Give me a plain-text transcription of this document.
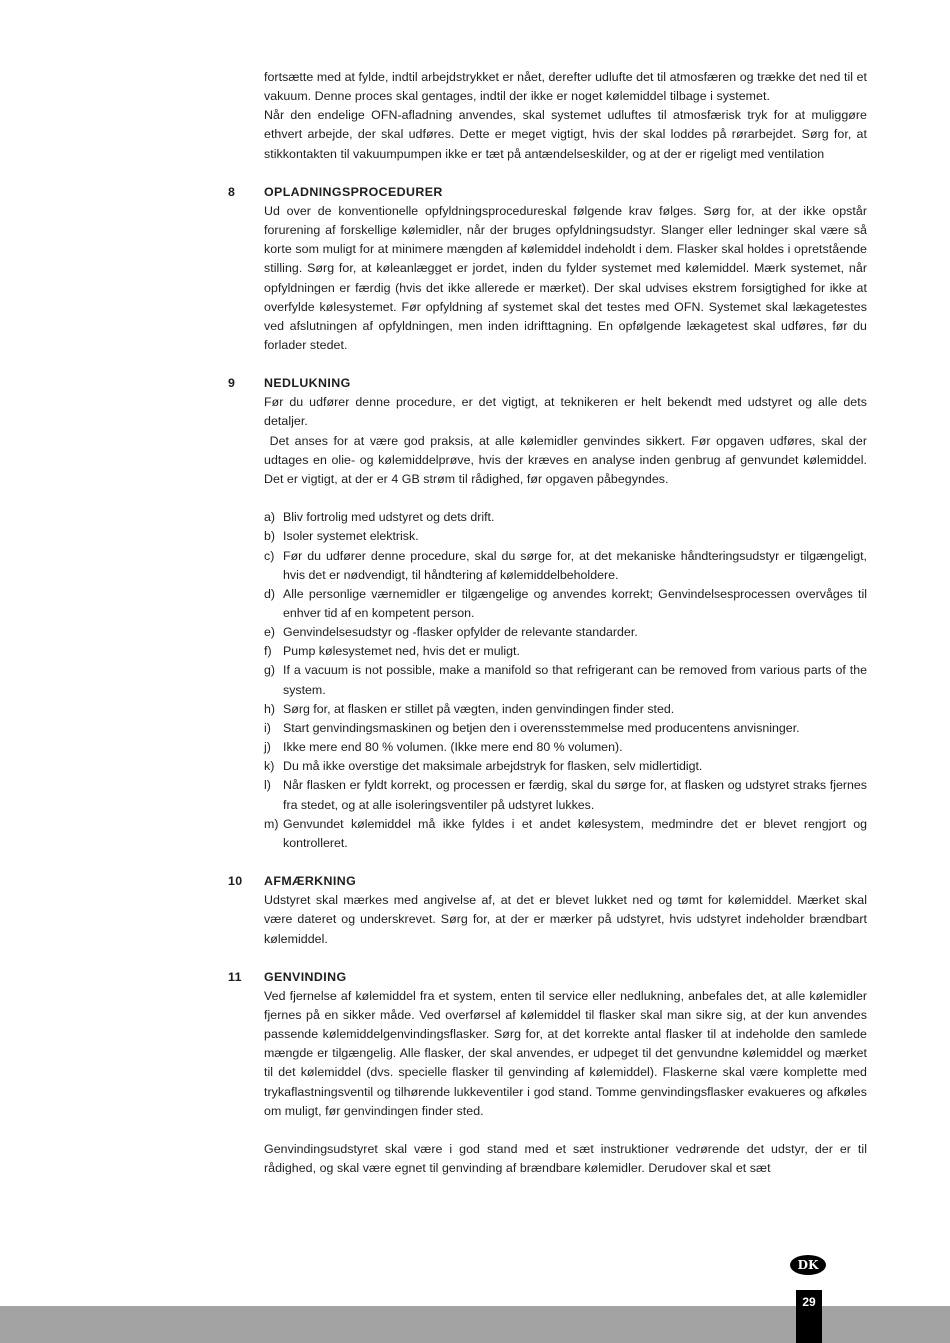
fortsætte med at fylde, indtil arbejdstrykket er nået, derefter udlufte det til atmosfæren og trække det ned til et vakuum. Denne proces skal gentages, indtil der ikke er noget kølemiddel tilbage i systemet.

Når den endelige OFN-afladning anvendes, skal systemet udluftes til atmosfærisk tryk for at muliggøre ethvert arbejde, der skal udføres. Dette er meget vigtigt, hvis der skal loddes på rørarbejdet. Sørg for, at stikkontakten til vakuumpumpen ikke er tæt på antændelseskilder, og at der er rigeligt med ventilation

8 OPLADNINGSPROCEDURER

Ud over de konventionelle opfyldningsprocedureskal følgende krav følges. Sørg for, at der ikke opstår forurening af forskellige kølemidler, når der bruges opfyldningsudstyr. Slanger eller ledninger skal være så korte som muligt for at minimere mængden af kølemiddel indeholdt i dem. Flasker skal holdes i opretstående stilling. Sørg for, at køleanlægget er jordet, inden du fylder systemet med kølemiddel. Mærk systemet, når opfyldningen er færdig (hvis det ikke allerede er mærket). Der skal udvises ekstrem forsigtighed for ikke at overfylde kølesystemet. Før opfyldning af systemet skal det testes med OFN. Systemet skal lækagetestes ved afslutningen af opfyldningen, men inden idrifttagning. En opfølgende lækagetest skal udføres, før du forlader stedet.

9 NEDLUKNING

Før du udfører denne procedure, er det vigtigt, at teknikeren er helt bekendt med udstyret og alle dets detaljer.

Det anses for at være god praksis, at alle kølemidler genvindes sikkert. Før opgaven udføres, skal der udtages en olie- og kølemiddelprøve, hvis der kræves en analyse inden genbrug af genvundet kølemiddel. Det er vigtigt, at der er 4 GB strøm til rådighed, før opgaven påbegyndes.

a) Bliv fortrolig med udstyret og dets drift.
b) Isoler systemet elektrisk.
c) Før du udfører denne procedure, skal du sørge for, at det mekaniske håndteringsudstyr er tilgængeligt, hvis det er nødvendigt, til håndtering af kølemiddelbeholdere.
d) Alle personlige værnemidler er tilgængelige og anvendes korrekt; Genvindelsesprocessen overvåges til enhver tid af en kompetent person.
e) Genvindelsesudstyr og -flasker opfylder de relevante standarder.
f) Pump kølesystemet ned, hvis det er muligt.
g) If a vacuum is not possible, make a manifold so that refrigerant can be removed from various parts of the system.
h) Sørg for, at flasken er stillet på vægten, inden genvindingen finder sted.
i) Start genvindingsmaskinen og betjen den i overensstemmelse med producentens anvisninger.
j) Ikke mere end 80 % volumen. (Ikke mere end 80 % volumen).
k) Du må ikke overstige det maksimale arbejdstryk for flasken, selv midlertidigt.
l) Når flasken er fyldt korrekt, og processen er færdig, skal du sørge for, at flasken og udstyret straks fjernes fra stedet, og at alle isoleringsventiler på udstyret lukkes.
m) Genvundet kølemiddel må ikke fyldes i et andet kølesystem, medmindre det er blevet rengjort og kontrolleret.
10 AFMÆRKNING

Udstyret skal mærkes med angivelse af, at det er blevet lukket ned og tømt for kølemiddel. Mærket skal være dateret og underskrevet. Sørg for, at der er mærker på udstyret, hvis udstyret indeholder brændbart kølemiddel.

11 GENVINDING

Ved fjernelse af kølemiddel fra et system, enten til service eller nedlukning, anbefales det, at alle kølemidler fjernes på en sikker måde. Ved overførsel af kølemiddel til flasker skal man sikre sig, at der kun anvendes passende kølemiddelgenvindingsflasker. Sørg for, at det korrekte antal flasker til at indeholde den samlede mængde er tilgængelig. Alle flasker, der skal anvendes, er udpeget til det genvundne kølemiddel og mærket til det kølemiddel (dvs. specielle flasker til genvinding af kølemiddel). Flaskerne skal være komplette med trykaflastningsventil og tilhørende lukkeventiler i god stand. Tomme genvindingsflasker evakueres og afkøles om muligt, før genvindingen finder sted.

Genvindingsudstyret skal være i god stand med et sæt instruktioner vedrørende det udstyr, der er til rådighed, og skal være egnet til genvinding af brændbare kølemidler. Derudover skal et sæt

DK
29
